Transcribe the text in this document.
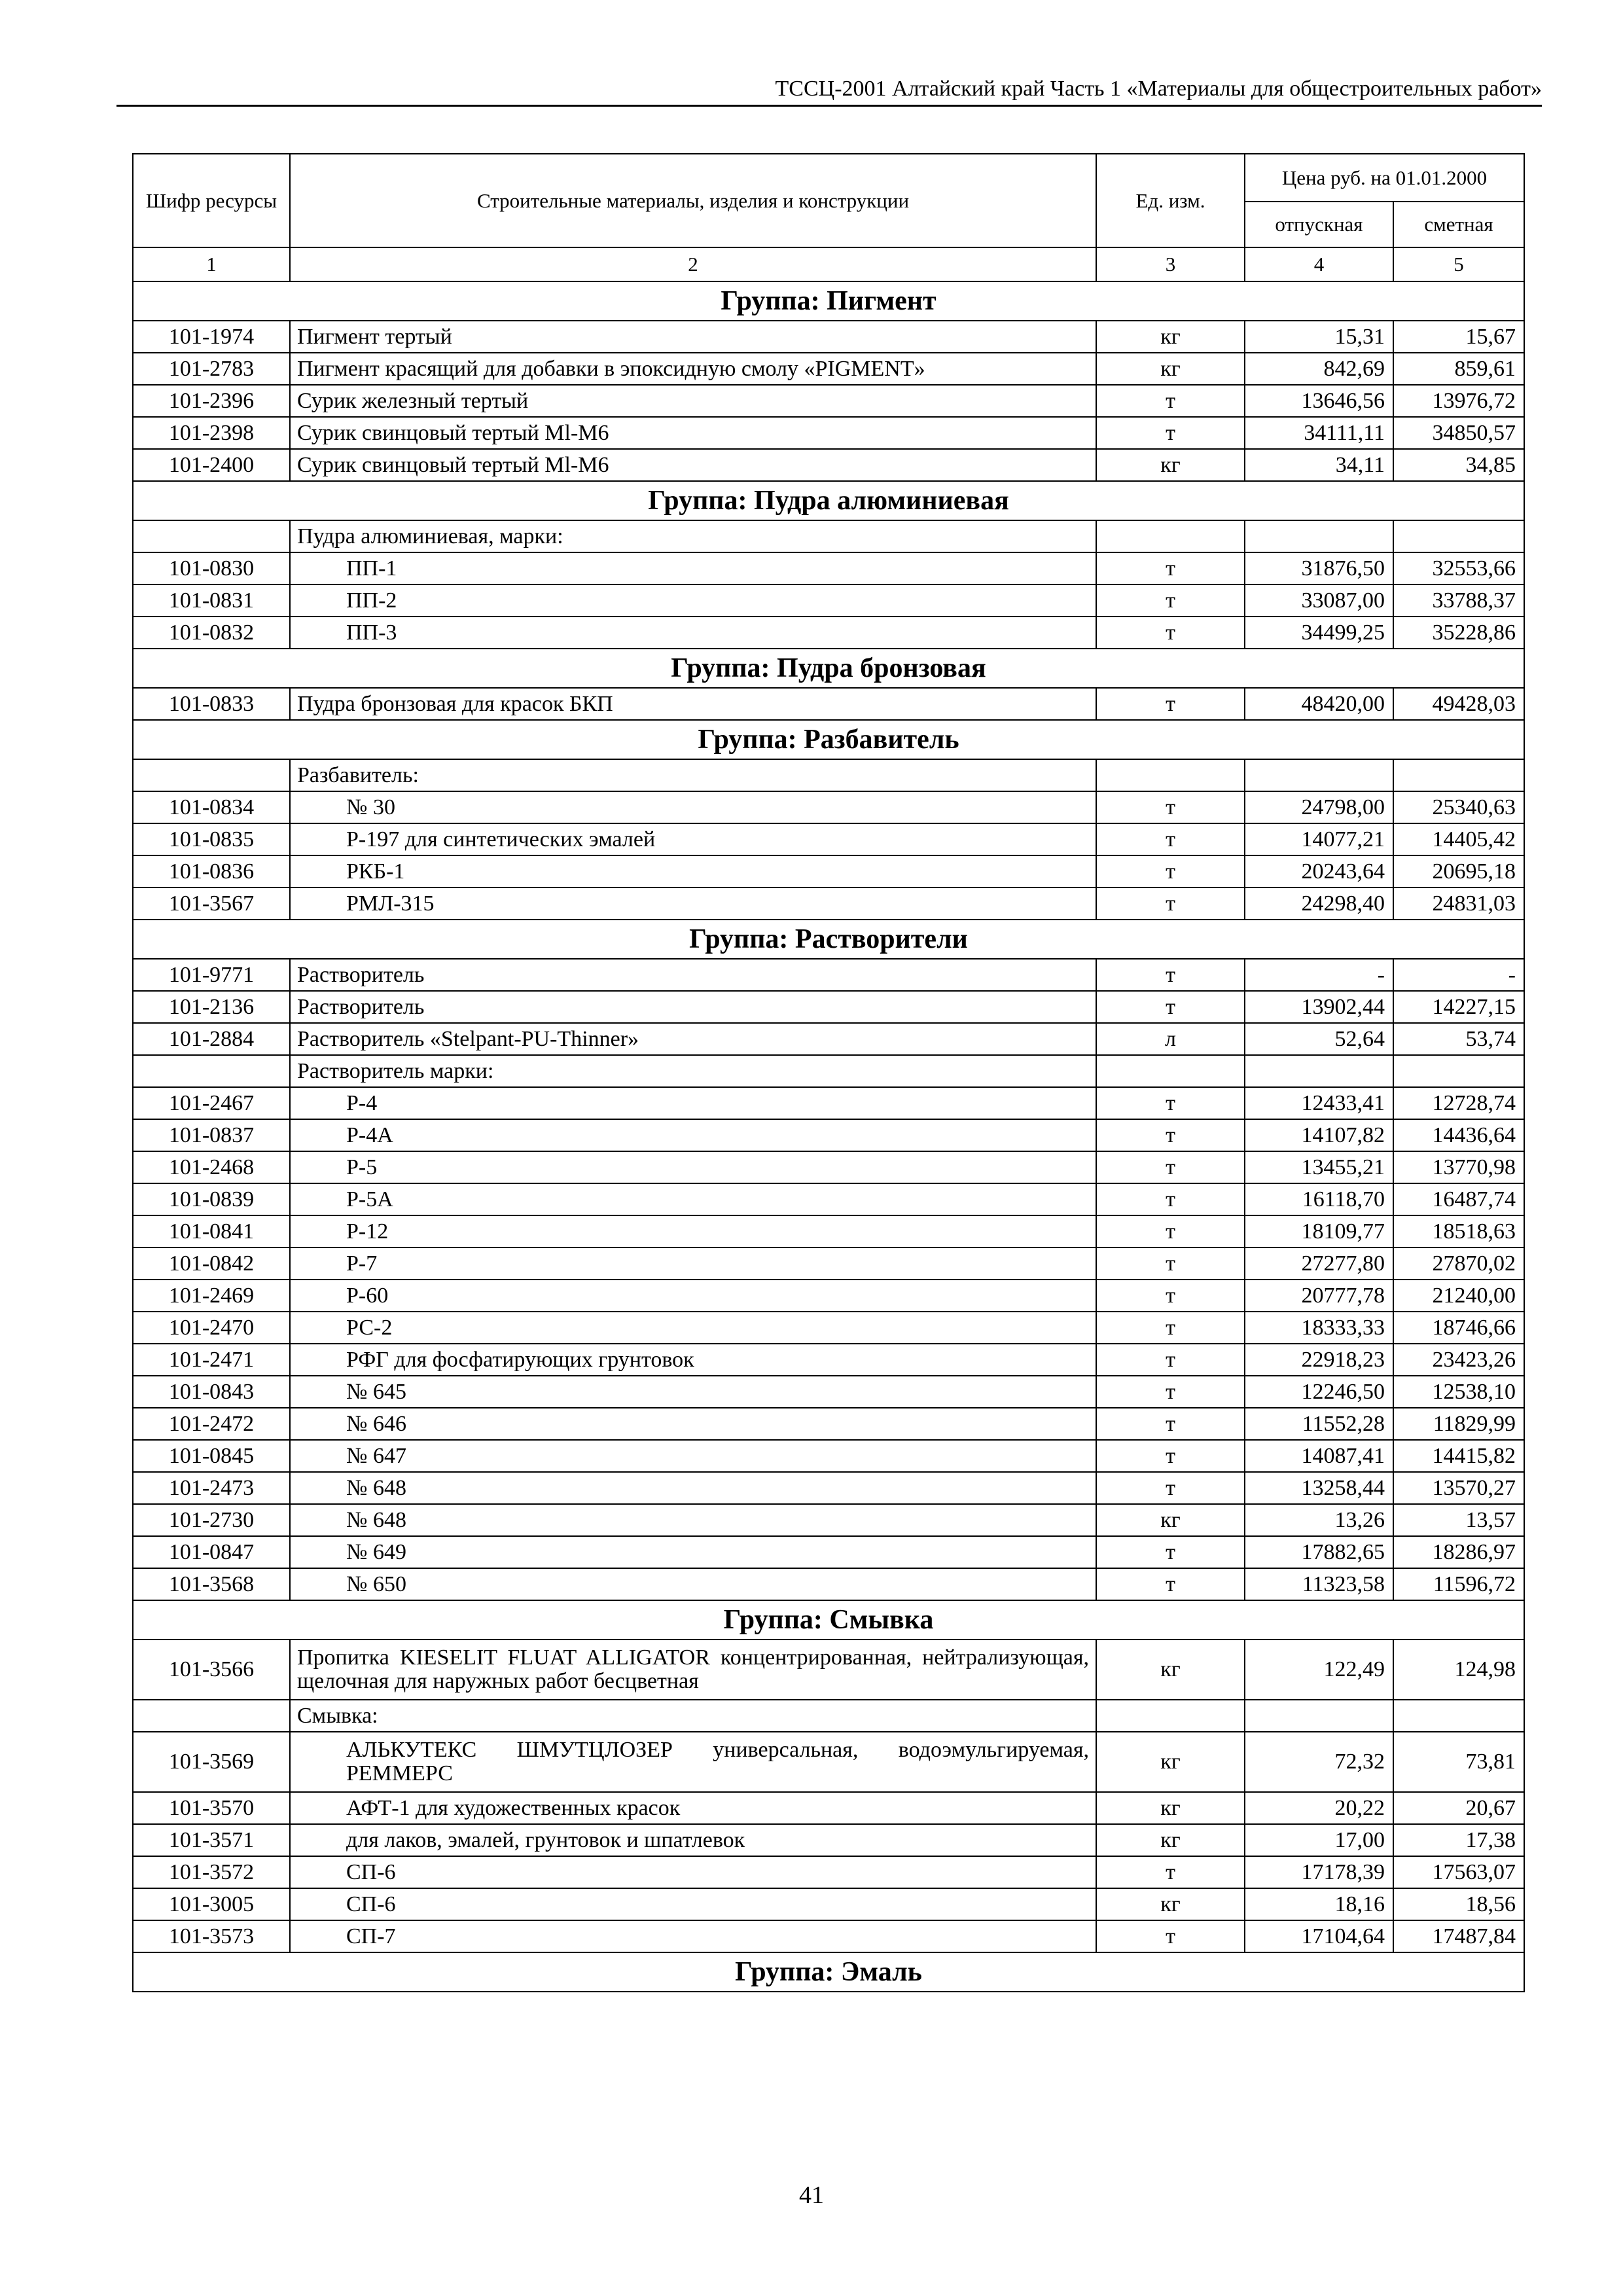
ТССЦ-2001 Алтайский край Часть 1 «Материалы для общестроительных работ»
Шифр ресурсы	Строительные материалы, изделия и конструкции	Ед. изм.	Цена руб. на 01.01.2000	
			отпускная	сметная
1	2	3	4	5
Группа: Пигмент				
101-1974	Пигмент тертый	кг	15,31	15,67
101-2783	Пигмент красящий для добавки в эпоксидную смолу «PIGMENT»	кг	842,69	859,61
101-2396	Сурик железный тертый	т	13646,56	13976,72
101-2398	Сурик свинцовый тертый Ml-M6	т	34111,11	34850,57
101-2400	Сурик свинцовый тертый Ml-M6	кг	34,11	34,85
Группа: Пудра алюминиевая				
	Пудра алюминиевая, марки:			
101-0830	ПП-1	т	31876,50	32553,66
101-0831	ПП-2	т	33087,00	33788,37
101-0832	ПП-3	т	34499,25	35228,86
Группа: Пудра бронзовая				
101-0833	Пудра бронзовая для красок БКП	т	48420,00	49428,03
Группа: Разбавитель				
	Разбавитель:			
101-0834	№ 30	т	24798,00	25340,63
101-0835	Р-197 для синтетических эмалей	т	14077,21	14405,42
101-0836	РКБ-1	т	20243,64	20695,18
101-3567	РМЛ-315	т	24298,40	24831,03
Группа: Растворители				
101-9771	Растворитель	т	-	-
101-2136	Растворитель	т	13902,44	14227,15
101-2884	Растворитель «Stelpant-PU-Thinner»	л	52,64	53,74
	Растворитель марки:			
101-2467	Р-4	т	12433,41	12728,74
101-0837	Р-4А	т	14107,82	14436,64
101-2468	Р-5	т	13455,21	13770,98
101-0839	Р-5А	т	16118,70	16487,74
101-0841	Р-12	т	18109,77	18518,63
101-0842	Р-7	т	27277,80	27870,02
101-2469	Р-60	т	20777,78	21240,00
101-2470	РС-2	т	18333,33	18746,66
101-2471	РФГ для фосфатирующих грунтовок	т	22918,23	23423,26
101-0843	№ 645	т	12246,50	12538,10
101-2472	№ 646	т	11552,28	11829,99
101-0845	№ 647	т	14087,41	14415,82
101-2473	№ 648	т	13258,44	13570,27
101-2730	№ 648	кг	13,26	13,57
101-0847	№ 649	т	17882,65	18286,97
101-3568	№ 650	т	11323,58	11596,72
Группа: Смывка				
101-3566	Пропитка KIESELIT FLUAT ALLIGATOR концентрированная, нейтрализующая, щелочная для наружных работ бесцветная	кг	122,49	124,98
	Смывка:			
101-3569	АЛЬКУТЕКС ШМУТЦЛОЗЕР универсальная, водоэмульгируемая, РЕММЕРС	кг	72,32	73,81
101-3570	АФТ-1 для художественных красок	кг	20,22	20,67
101-3571	для лаков, эмалей, грунтовок и шпатлевок	кг	17,00	17,38
101-3572	СП-6	т	17178,39	17563,07
101-3005	СП-6	кг	18,16	18,56
101-3573	СП-7	т	17104,64	17487,84
Группа: Эмаль				
41
